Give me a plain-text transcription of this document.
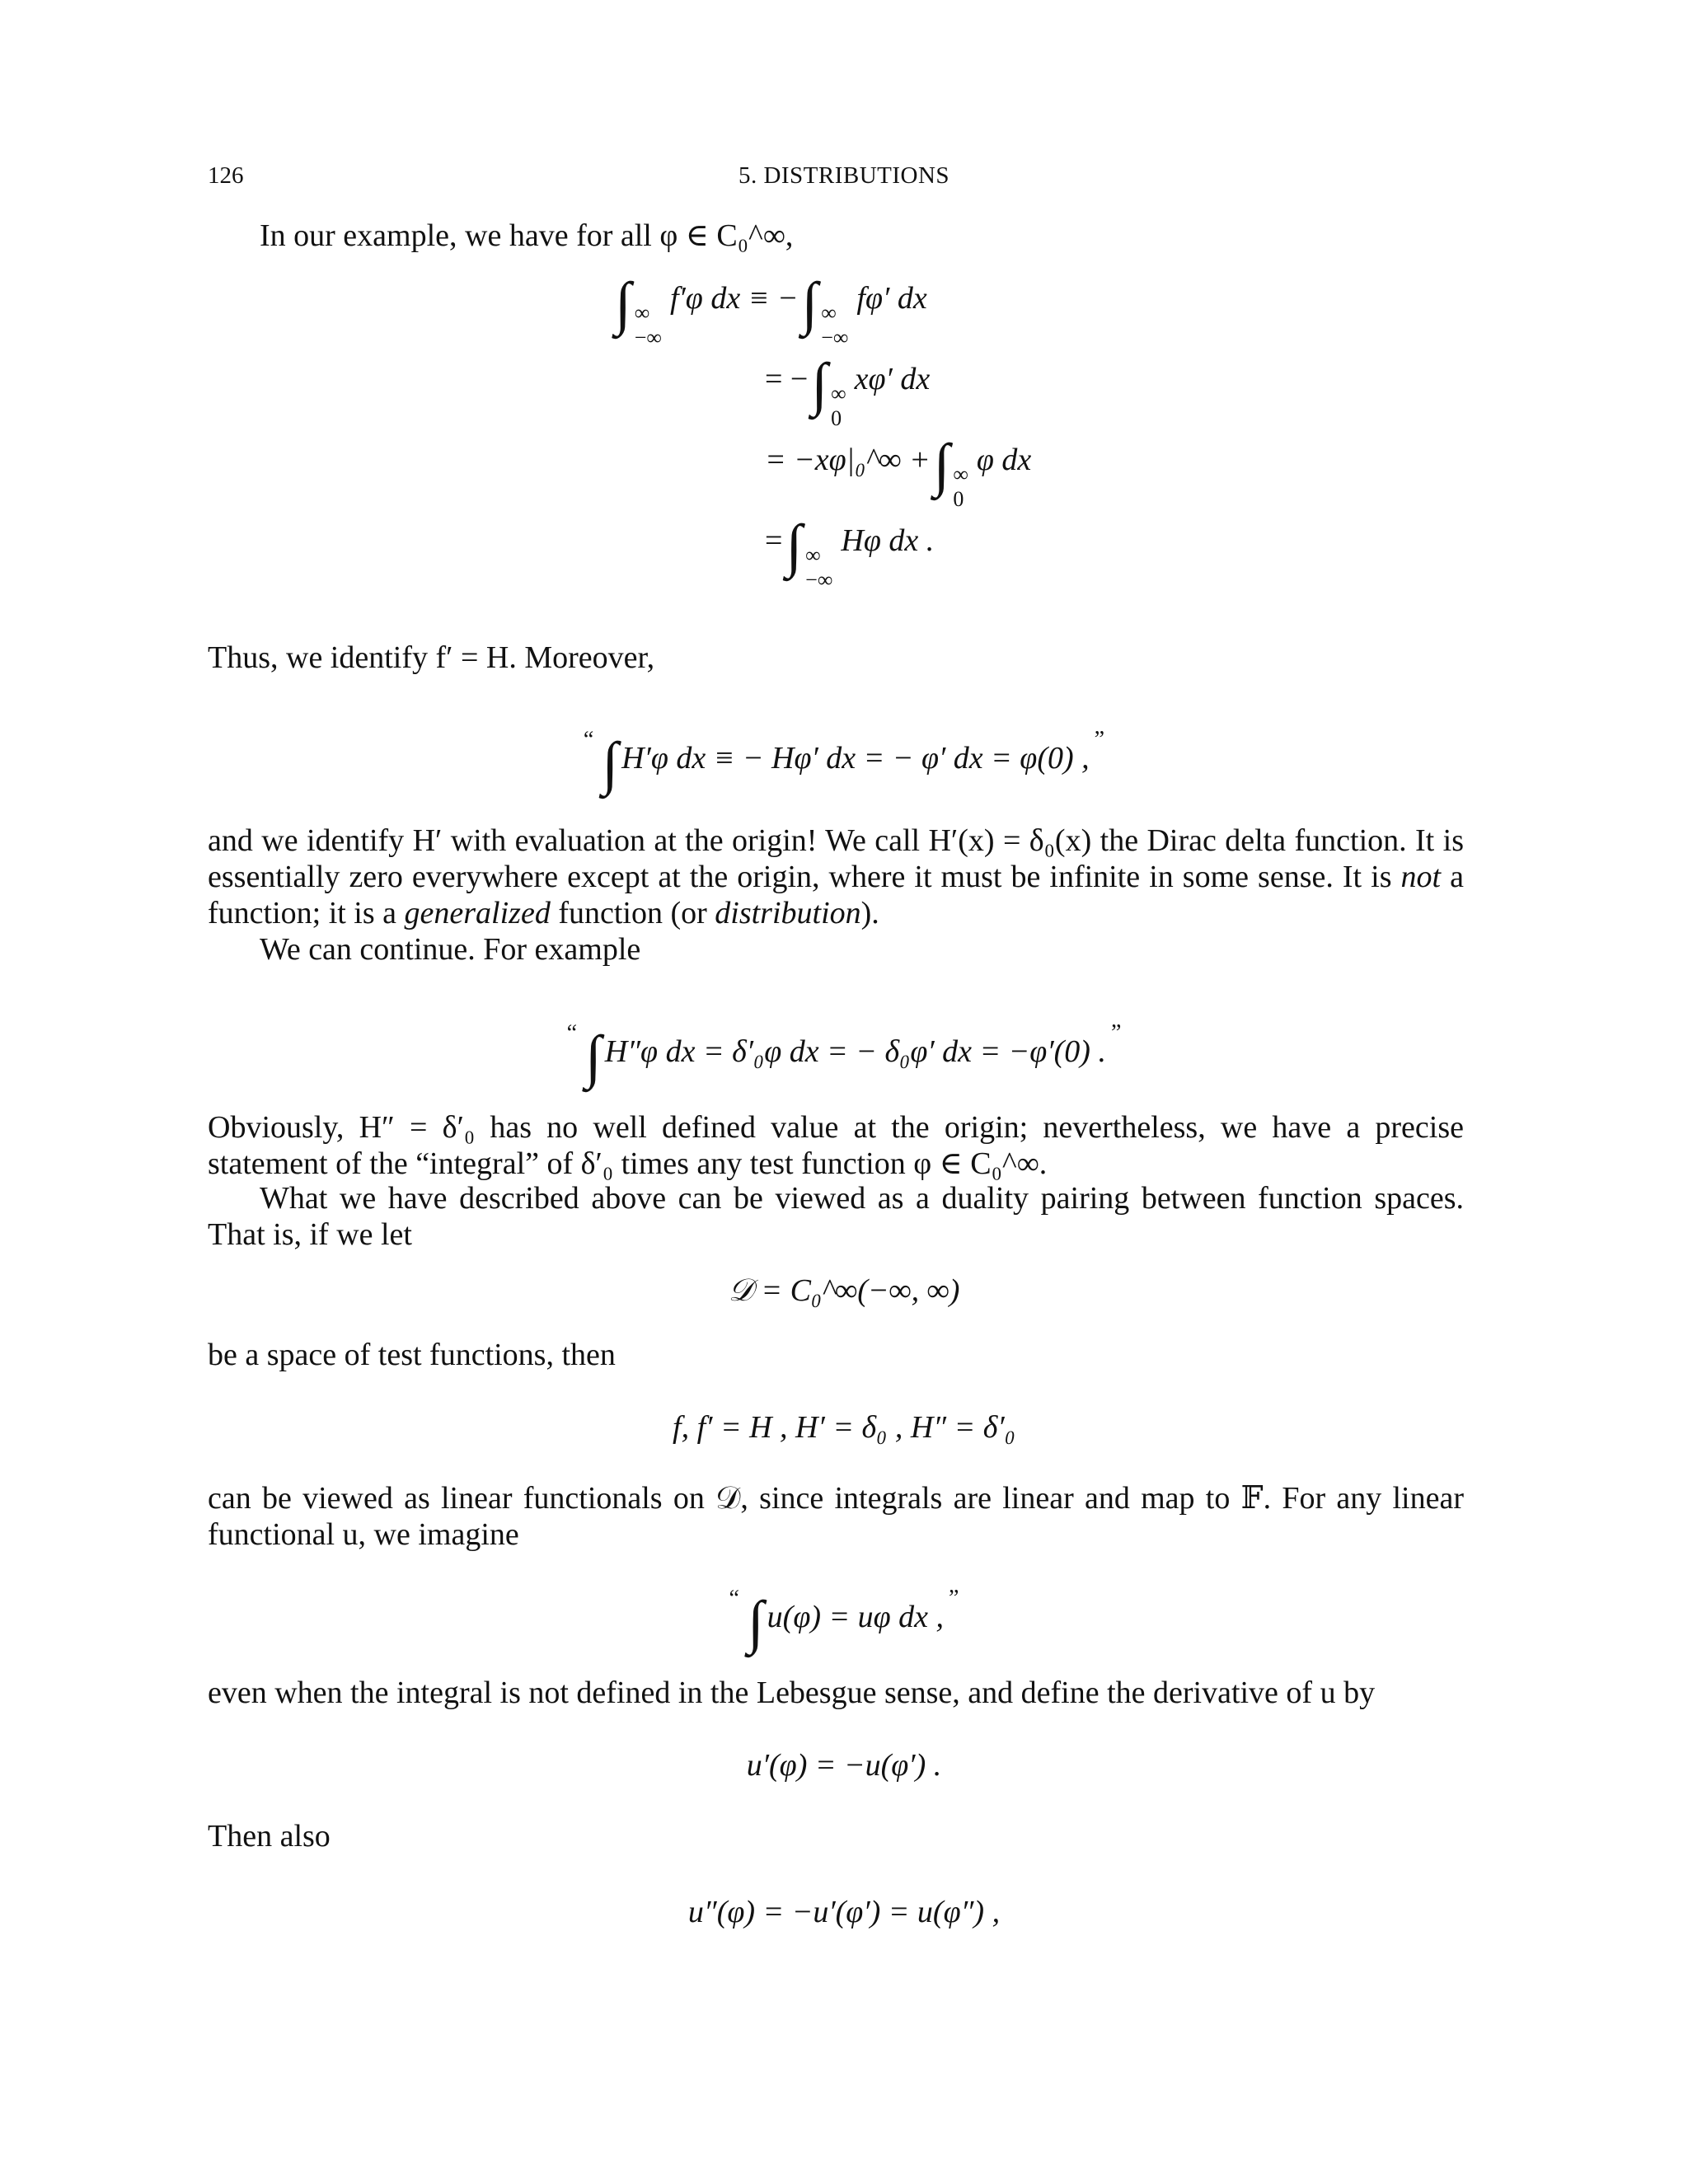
126	5. DISTRIBUTIONS
In our example, we have for all φ ∈ C₀^∞,
∫ ∞
−∞
f′φ dx ≡ −∫ ∞
−∞
fφ′ dx
= −∫ ∞
0
xφ′ dx
= −xφ|₀^∞ +∫ ∞
0
φ dx
=∫ ∞
−∞
Hφ dx .
Thus, we identify f′ = H. Moreover,
“ ∫ H′φ dx ≡ − Hφ′ dx = − φ′ dx = φ(0) ,”
and we identify H′ with evaluation at the origin! We call H′(x) = δ₀(x) the Dirac delta function. It is essentially zero everywhere except at the origin, where it must be infinite in some sense. It is not a function; it is a generalized function (or distribution).
We can continue. For example
“ ∫ H″φ dx = δ′₀φ dx = − δ₀φ′ dx = −φ′(0) .”
Obviously, H″ = δ′₀ has no well defined value at the origin; nevertheless, we have a precise statement of the “integral” of δ′₀ times any test function φ ∈ C₀^∞.
What we have described above can be viewed as a duality pairing between function spaces. That is, if we let
𝒟 = C₀^∞(−∞, ∞)
be a space of test functions, then
f, f′ = H , H′ = δ₀ , H″ = δ′₀
can be viewed as linear functionals on 𝒟, since integrals are linear and map to 𝔽. For any linear functional u, we imagine
“ ∫ u(φ) = uφ dx ,”
even when the integral is not defined in the Lebesgue sense, and define the derivative of u by
u′(φ) = −u(φ′) .
Then also
u″(φ) = −u′(φ′) = u(φ″) ,
